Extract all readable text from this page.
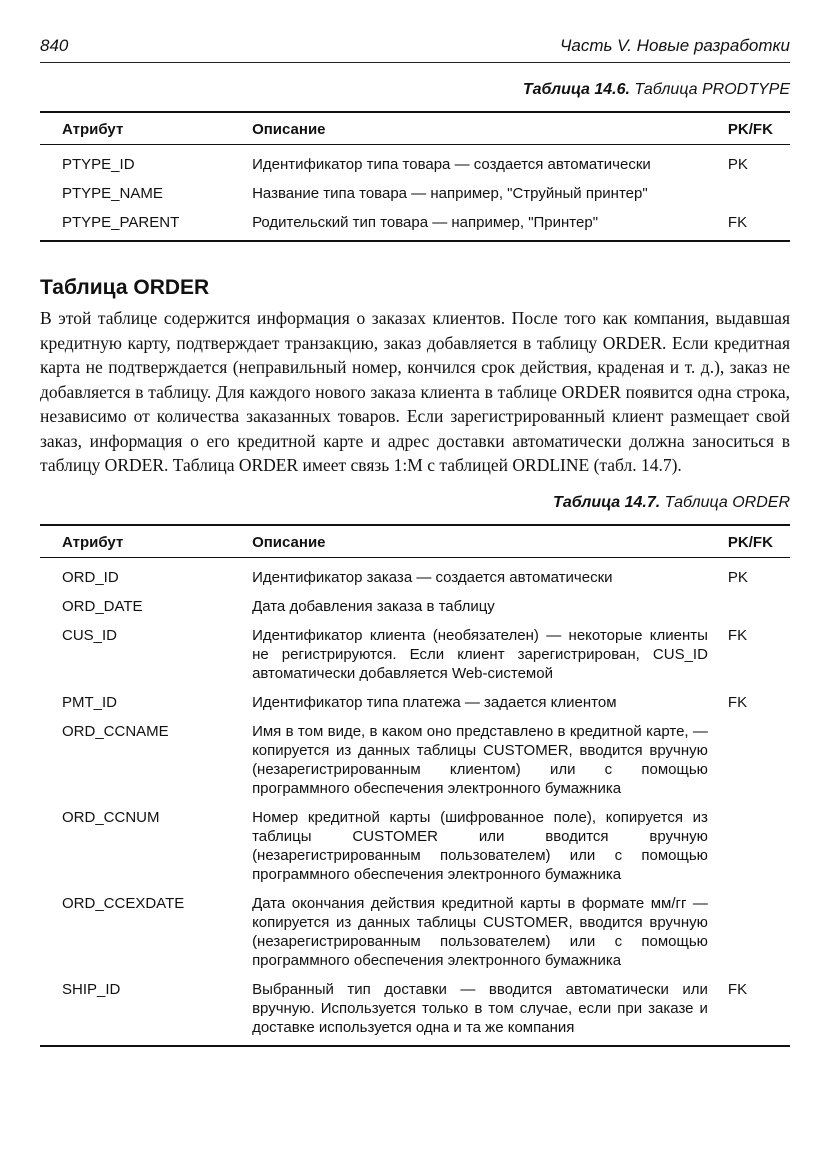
840	Часть V. Новые разработки
Таблица 14.6. Таблица PRODTYPE
Атрибут	Описание	PK/FK
PTYPE_ID	Идентификатор типа товара — создается автоматически	PK
PTYPE_NAME	Название типа товара — например, "Струйный принтер"	
PTYPE_PARENT	Родительский тип товара — например, "Принтер"	FK
Таблица ORDER

В этой таблице содержится информация о заказах клиентов. После того как компания, выдавшая кредитную карту, подтверждает транзакцию, заказ добавляется в таблицу ORDER. Если кредитная карта не подтверждается (неправильный номер, кончился срок действия, краденая и т. д.), заказ не добавляется в таблицу. Для каждого нового заказа клиента в таблице ORDER появится одна строка, независимо от количества заказанных товаров. Если зарегистрированный клиент размещает свой заказ, информация о его кредитной карте и адрес доставки автоматически должна заноситься в таблицу ORDER. Таблица ORDER имеет связь 1:M с таблицей ORDLINE (табл. 14.7).

Таблица 14.7. Таблица ORDER
Атрибут	Описание	PK/FK
ORD_ID	Идентификатор заказа — создается автоматически	PK
ORD_DATE	Дата добавления заказа в таблицу	
CUS_ID	Идентификатор клиента (необязателен) — некоторые клиенты не регистрируются. Если клиент зарегистрирован, CUS_ID автоматически добавляется Web-системой	FK
PMT_ID	Идентификатор типа платежа — задается клиентом	FK
ORD_CCNAME	Имя в том виде, в каком оно представлено в кредитной карте, — копируется из данных таблицы CUSTOMER, вводится вручную (незарегистрированным клиентом) или с помощью программного обеспечения электронного бумажника	
ORD_CCNUM	Номер кредитной карты (шифрованное поле), копируется из таблицы CUSTOMER или вводится вручную (незарегистрированным пользователем) или с помощью программного обеспечения электронного бумажника	
ORD_CCEXDATE	Дата окончания действия кредитной карты в формате мм/гг — копируется из данных таблицы CUSTOMER, вводится вручную (незарегистрированным пользователем) или с помощью программного обеспечения электронного бумажника	
SHIP_ID	Выбранный тип доставки — вводится автоматически или вручную. Используется только в том случае, если при заказе и доставке используется одна и та же компания	FK
